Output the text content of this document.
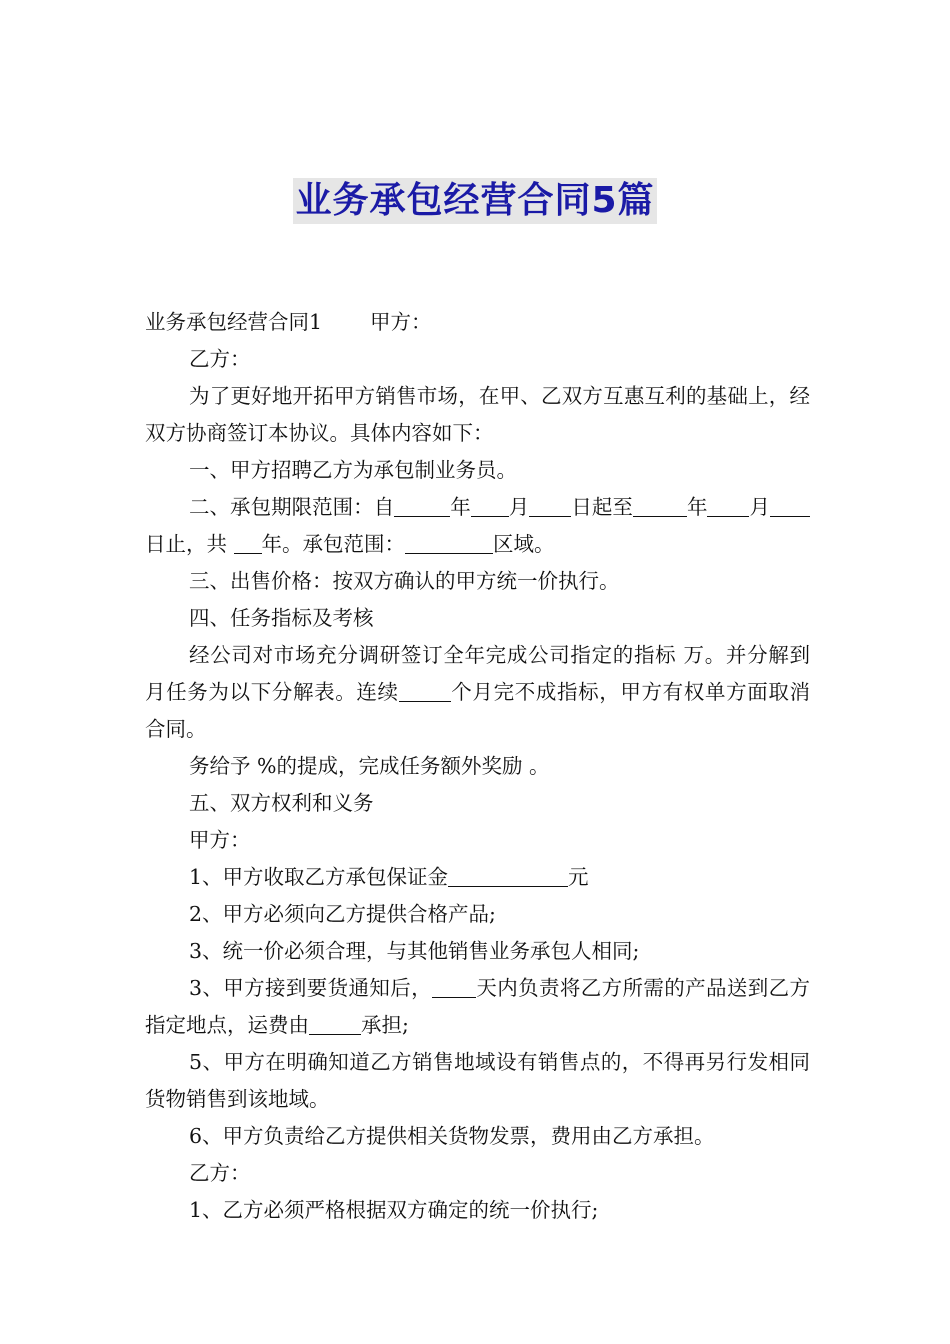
业务承包经营合同5篇

业务承包经营合同1 甲方：

乙方：

为了更好地开拓甲方销售市场，在甲、乙双方互惠互利的基础上，经双方协商签订本协议。具体内容如下：

一、甲方招聘乙方为承包制业务员。

二、承包期限范围：自	年 月 日起至	年 月日止，共 年。承包范围：	区域。

三、出售价格：按双方确认的甲方统一价执行。

四、任务指标及考核

经公司对市场充分调研签订全年完成公司指定的指标 万。并分解到月任务为以下分解表。连续	个月完不成指标，甲方有权单方面取消合同。

务给予 %的提成，完成任务额外奖励 。

五、双方权利和义务

甲方：

1、甲方收取乙方承包保证金	元

2、甲方必须向乙方提供合格产品;

3、统一价必须合理，与其他销售业务承包人相同;

3、甲方接到要货通知后， 天内负责将乙方所需的产品送到乙方指定地点，运费由	承担;

5、甲方在明确知道乙方销售地域设有销售点的，不得再另行发相同货物销售到该地域。

6、甲方负责给乙方提供相关货物发票，费用由乙方承担。

乙方：

1、乙方必须严格根据双方确定的统一价执行;
